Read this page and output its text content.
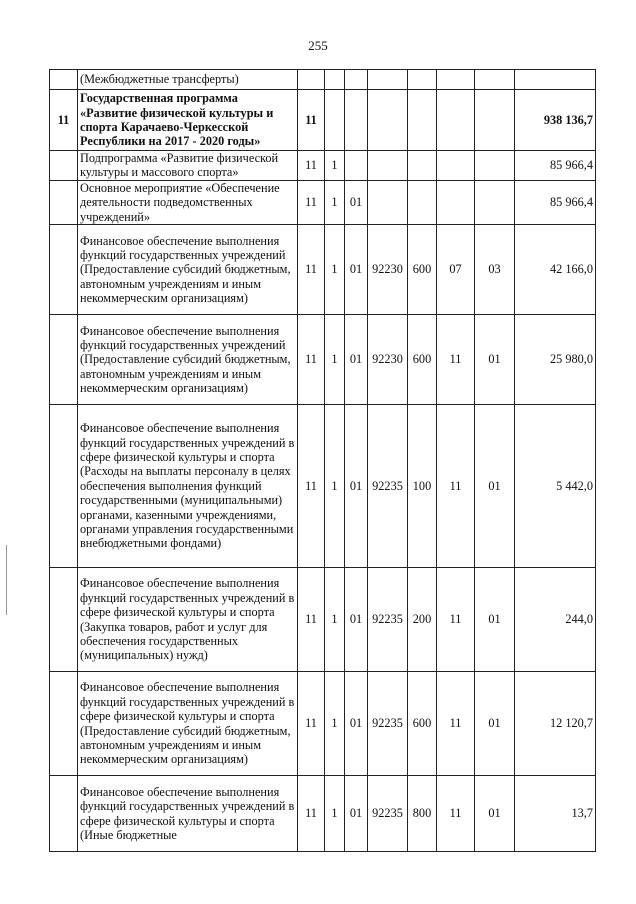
255
	(Межбюджетные трансферты)								
11	Государственная программа «Развитие физической культуры и спорта Карачаево-Черкесской Республики на 2017 - 2020 годы»	11							938 136,7
	Подпрограмма «Развитие физической культуры и массового спорта»	11	1						85 966,4
	Основное мероприятие «Обеспечение деятельности подведомственных учреждений»	11	1	01					85 966,4
	Финансовое обеспечение выполнения функций государственных учреждений (Предоставление субсидий бюджетным, автономным учреждениям и иным некоммерческим организациям)	11	1	01	92230	600	07	03	42 166,0
	Финансовое обеспечение выполнения функций государственных учреждений (Предоставление субсидий бюджетным, автономным учреждениям и иным некоммерческим организациям)	11	1	01	92230	600	11	01	25 980,0
	Финансовое обеспечение выполнения функций государственных учреждений в сфере физической культуры и спорта (Расходы на выплаты персоналу в целях обеспечения выполнения функций государственными (муниципальными) органами, казенными учреждениями, органами управления государственными внебюджетными фондами)	11	1	01	92235	100	11	01	5 442,0
	Финансовое обеспечение выполнения функций государственных учреждений в сфере физической культуры и спорта (Закупка товаров, работ и услуг для обеспечения государственных (муниципальных) нужд)	11	1	01	92235	200	11	01	244,0
	Финансовое обеспечение выполнения функций государственных учреждений в сфере физической культуры и спорта (Предоставление субсидий бюджетным, автономным учреждениям и иным некоммерческим организациям)	11	1	01	92235	600	11	01	12 120,7
	Финансовое обеспечение выполнения функций государственных учреждений в сфере физической культуры и спорта (Иные бюджетные	11	1	01	92235	800	11	01	13,7
